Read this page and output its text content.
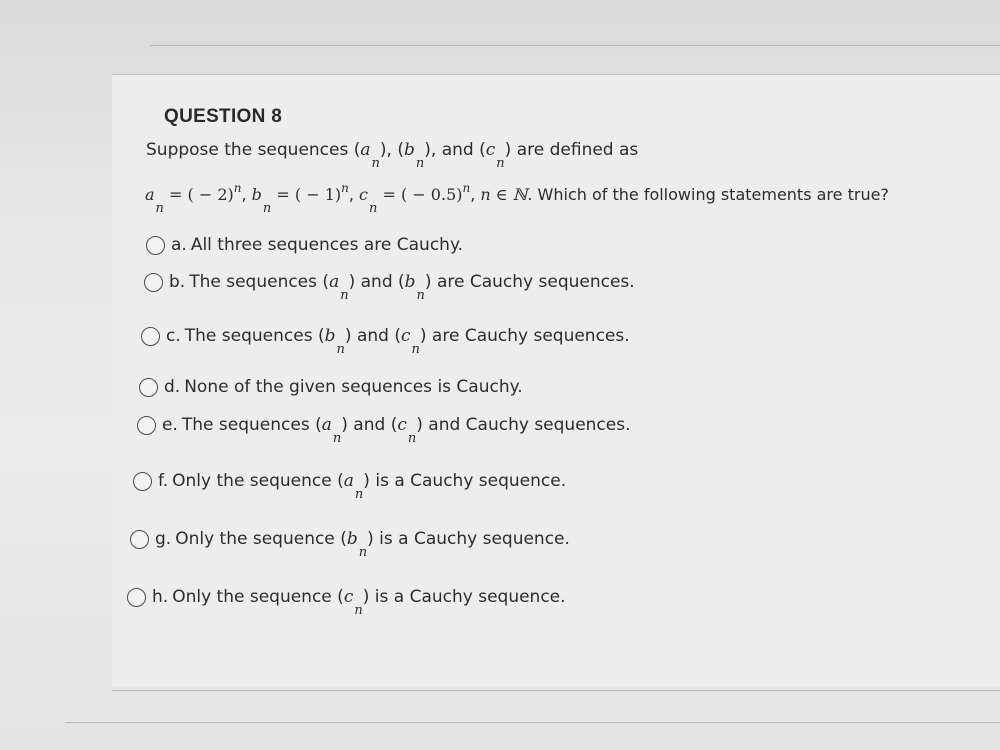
QUESTION 8
Suppose the sequences $(a_n)$, $(b_n)$, and $(c_n)$ are defined as
$a_n$ = ( − 2)$^n$, $b_n$ = ( − 1)$^n$, $c_n$ = ( − 0.5)$^n$, n ∈ ℕ. Which of the following statements are true?
a. All three sequences are Cauchy.
b. The sequences
$(a_n)$
and
$(b_n)$
are Cauchy sequences.
c. The sequences
$(b_n)$
and
$(c_n)$
are Cauchy sequences.
d. None of the given sequences is Cauchy.
e. The sequences
$(a_n)$
and
$(c_n)$
and Cauchy sequences.
f. Only the sequence
$(a_n)$
is a Cauchy sequence.
g. Only the sequence
$(b_n)$
is a Cauchy sequence.
h. Only the sequence
$(c_n)$
is a Cauchy sequence.
